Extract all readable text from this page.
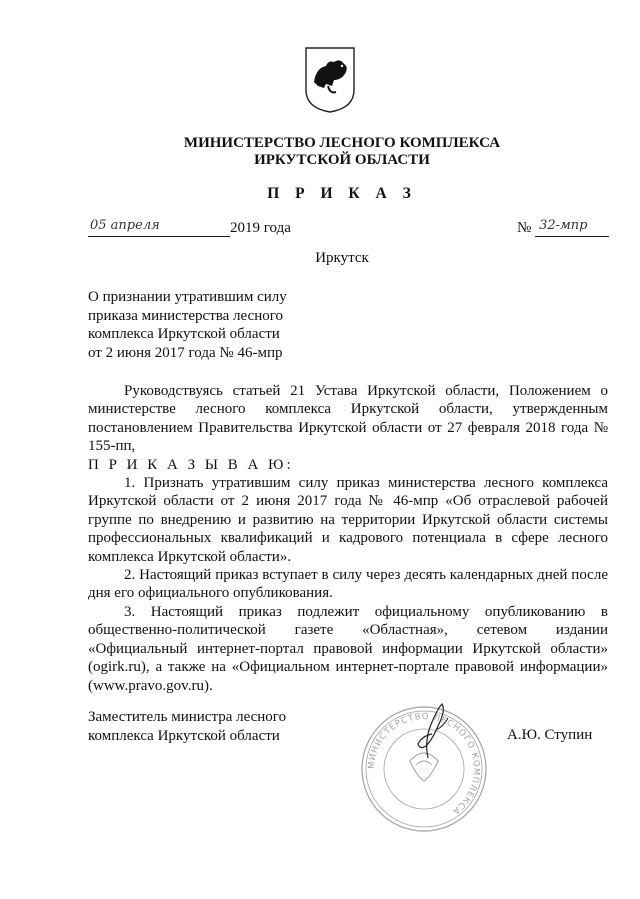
МИНИСТЕРСТВО ЛЕСНОГО КОМПЛЕКСА
ИРКУТСКОЙ ОБЛАСТИ
П Р И К А З
05 апреля	2019 года	№ 32-мпр
Иркутск
О признании утратившим силу
приказа министерства лесного
комплекса Иркутской области
от 2 июня 2017 года № 46-мпр

Руководствуясь статьей 21 Устава Иркутской области, Положением о министерстве лесного комплекса Иркутской области, утвержденным постановлением Правительства Иркутской области от 27 февраля 2018 года № 155-пп,

П Р И К А З Ы В А Ю:

1. Признать утратившим силу приказ министерства лесного комплекса Иркутской области от 2 июня 2017 года № 46-мпр «Об отраслевой рабочей группе по внедрению и развитию на территории Иркутской области системы профессиональных квалификаций и кадрового потенциала в сфере лесного комплекса Иркутской области».

2. Настоящий приказ вступает в силу через десять календарных дней после дня его официального опубликования.

3. Настоящий приказ подлежит официальному опубликованию в общественно-политической газете «Областная», сетевом издании «Официальный интернет-портал правовой информации Иркутской области» (ogirk.ru), а также на «Официальном интернет-портале правовой информации» (www.pravo.gov.ru).

Заместитель министра лесного
комплекса Иркутской области
МИНИСТЕРСТВО ЛЕСНОГО КОМПЛЕКСА
А.Ю. Ступин
